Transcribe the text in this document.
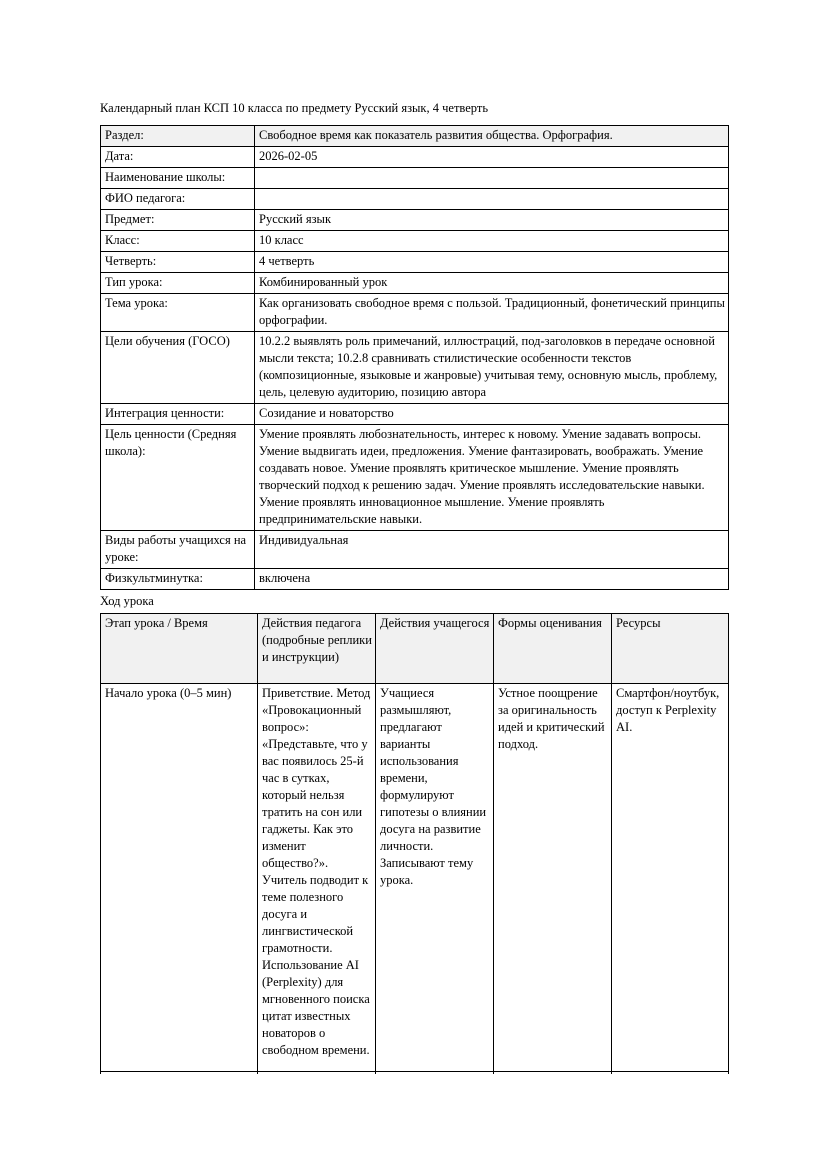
Календарный план КСП 10 класса по предмету Русский язык, 4 четверть

Раздел:	Свободное время как показатель развития общества. Орфография.
Дата:	2026-02-05
Наименование школы:	
ФИО педагога:	
Предмет:	Русский язык
Класс:	10 класс
Четверть:	4 четверть
Тип урока:	Комбинированный урок
Тема урока:	Как организовать свободное время с пользой. Традиционный, фонетический принципы орфографии.
Цели обучения (ГОСО)	10.2.2 выявлять роль примечаний, иллюстраций, под-заголовков в передаче основной мысли текста; 10.2.8 сравнивать стилистические особенности текстов (композиционные, языковые и жанровые) учитывая тему, основную мысль, проблему, цель, целевую аудиторию, позицию автора
Интеграция ценности:	Созидание и новаторство
Цель ценности (Средняя школа):	Умение проявлять любознательность, интерес к новому. Умение задавать вопросы. Умение выдвигать идеи, предложения. Умение фантазировать, воображать. Умение создавать новое. Умение проявлять критическое мышление. Умение проявлять творческий подход к решению задач. Умение проявлять исследовательские навыки. Умение проявлять инновационное мышление. Умение проявлять предпринимательские навыки.
Виды работы учащихся на уроке:	Индивидуальная
Физкультминутка:	включена

Ход урока

Этап урока / Время	Действия педагога (подробные реплики и инструкции)	Действия учащегося	Формы оценивания	Ресурсы
Начало урока (0–5 мин)	Приветствие. Метод «Провокационный вопрос»: «Представьте, что у вас появилось 25-й час в сутках, который нельзя тратить на сон или гаджеты. Как это изменит общество?». Учитель подводит к теме полезного досуга и лингвистической грамотности. Использование AI (Perplexity) для мгновенного поиска цитат известных новаторов о свободном времени.	Учащиеся размышляют, предлагают варианты использования времени, формулируют гипотезы о влиянии досуга на развитие личности. Записывают тему урока.	Устное поощрение за оригинальность идей и критический подход.	Смартфон/ноутбук, доступ к Perplexity AI.
